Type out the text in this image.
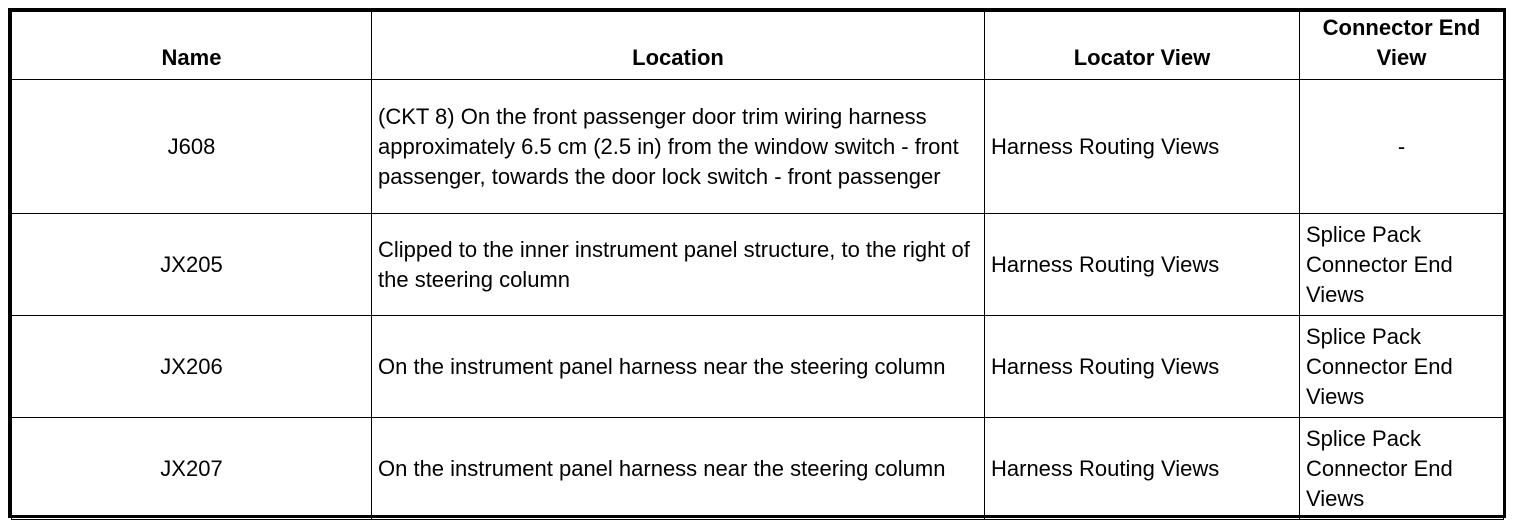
Name	Location	Locator View	Connector End View
J608	(CKT 8) On the front passenger door trim wiring harness approximately 6.5 cm (2.5 in) from the window switch - front passenger, towards the door lock switch - front passenger	Harness Routing Views	-
JX205	Clipped to the inner instrument panel structure, to the right of the steering column	Harness Routing Views	Splice Pack Connector End Views
JX206	On the instrument panel harness near the steering column	Harness Routing Views	Splice Pack Connector End Views
JX207	On the instrument panel harness near the steering column	Harness Routing Views	Splice Pack Connector End Views
